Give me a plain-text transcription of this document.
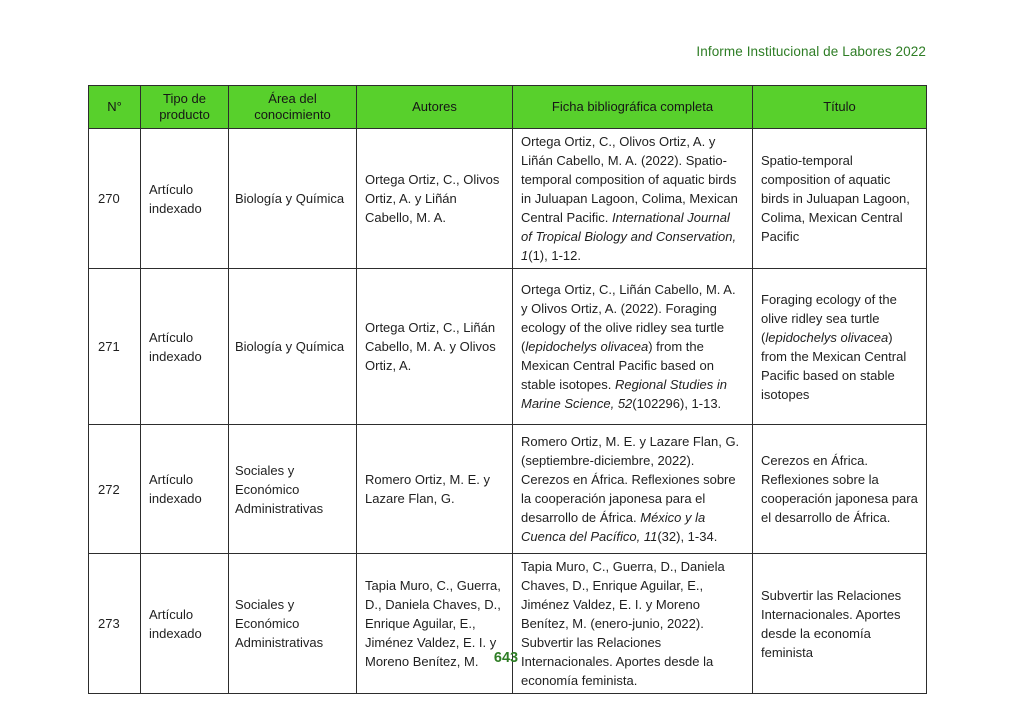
Informe Institucional de Labores 2022
N°	Tipo de producto	Área del conocimiento	Autores	Ficha bibliográfica completa	Título
270	Artículo indexado	Biología y Química	Ortega Ortiz, C., Olivos Ortiz, A. y Liñán Cabello, M. A.	Ortega Ortiz, C., Olivos Ortiz, A. y Liñán Cabello, M. A. (2022). Spatio-temporal composition of aquatic birds in Juluapan Lagoon, Colima, Mexican Central Pacific. International Journal of Tropical Biology and Conservation, 1(1), 1-12.	Spatio-temporal composition of aquatic birds in Juluapan Lagoon, Colima, Mexican Central Pacific
271	Artículo indexado	Biología y Química	Ortega Ortiz, C., Liñán Cabello, M. A. y Olivos Ortiz, A.	Ortega Ortiz, C., Liñán Cabello, M. A. y Olivos Ortiz, A. (2022). Foraging ecology of the olive ridley sea turtle (lepidochelys olivacea) from the Mexican Central Pacific based on stable isotopes. Regional Studies in Marine Science, 52(102296), 1-13.	Foraging ecology of the olive ridley sea turtle (lepidochelys olivacea) from the Mexican Central Pacific based on stable isotopes
272	Artículo indexado	Sociales y Económico Administrativas	Romero Ortiz, M. E. y Lazare Flan, G.	Romero Ortiz, M. E. y Lazare Flan, G. (septiembre-diciembre, 2022). Cerezos en África. Reflexiones sobre la cooperación japonesa para el desarrollo de África. México y la Cuenca del Pacífico, 11(32), 1-34.	Cerezos en África. Reflexiones sobre la cooperación japonesa para el desarrollo de África.
273	Artículo indexado	Sociales y Económico Administrativas	Tapia Muro, C., Guerra, D., Daniela Chaves, D., Enrique Aguilar, E., Jiménez Valdez, E. I. y Moreno Benítez, M.	Tapia Muro, C., Guerra, D., Daniela Chaves, D., Enrique Aguilar, E., Jiménez Valdez, E. I. y Moreno Benítez, M. (enero-junio, 2022). Subvertir las Relaciones Internacionales. Aportes desde la economía feminista.	Subvertir las Relaciones Internacionales. Aportes desde la economía feminista
643
